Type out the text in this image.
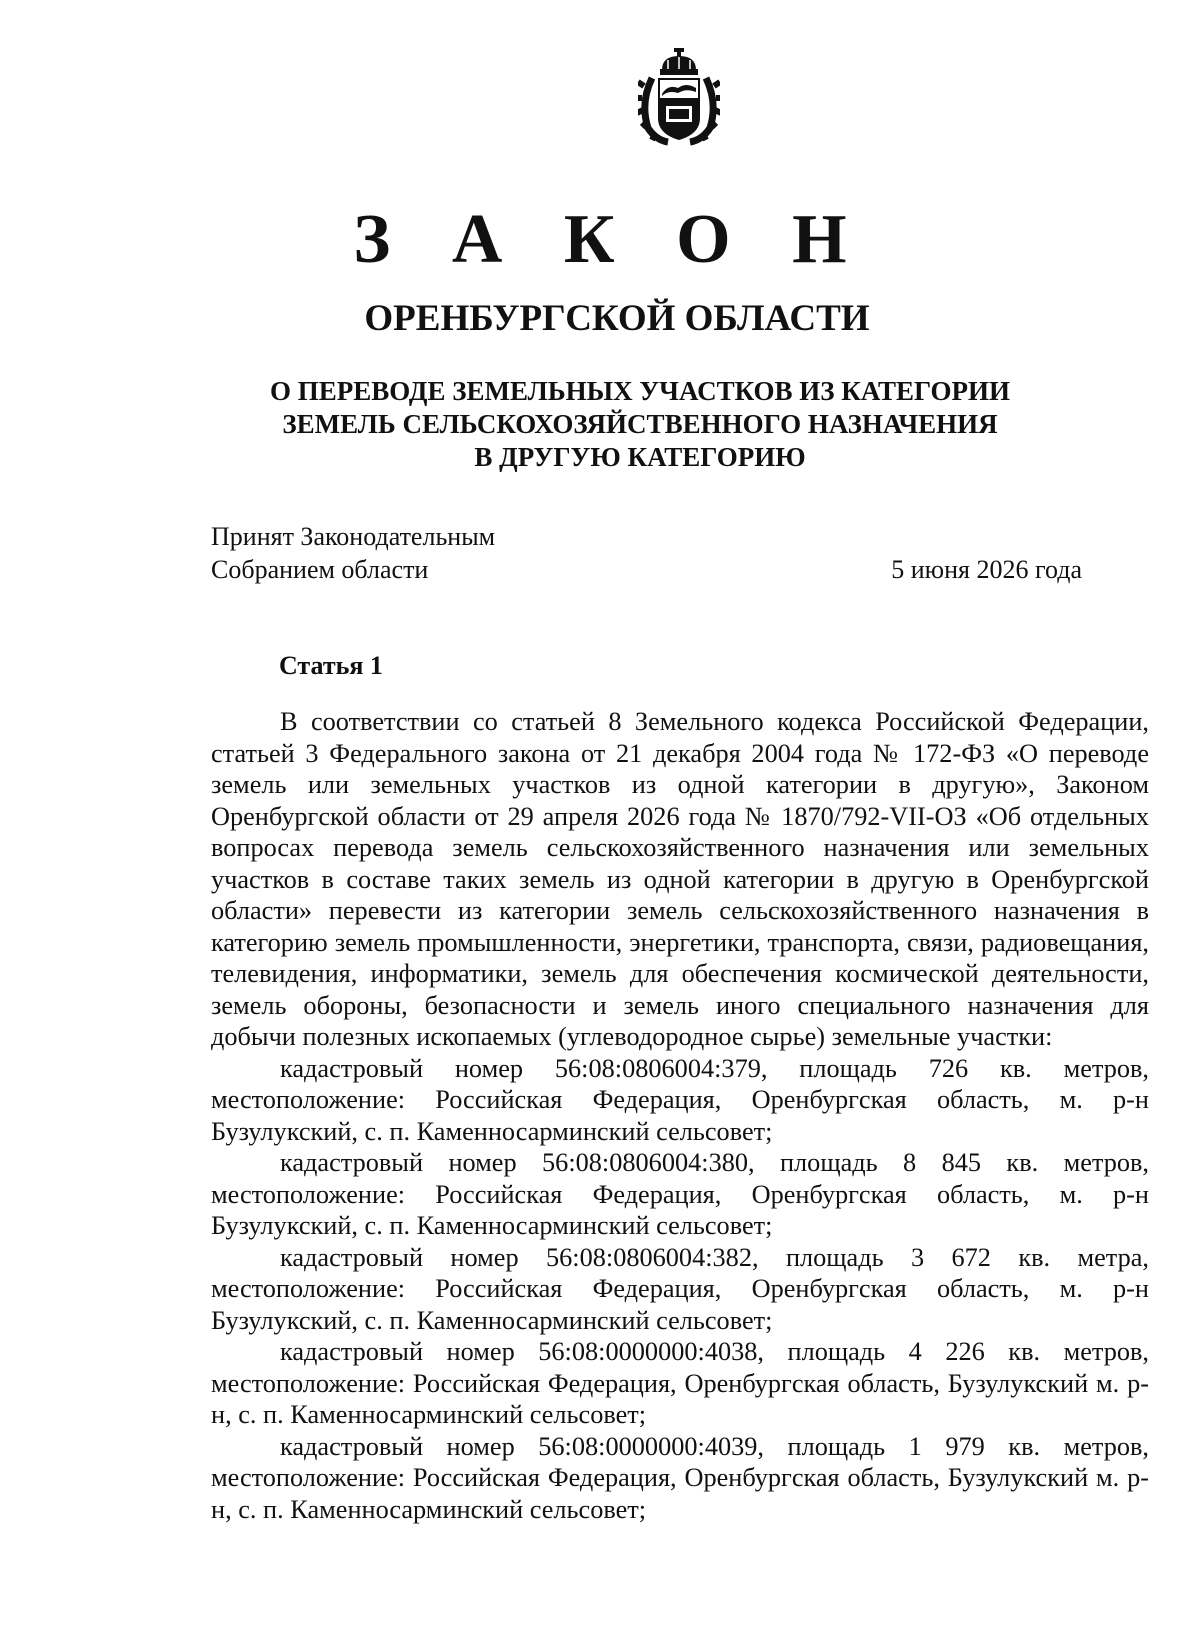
З А К О Н
ОРЕНБУРГСКОЙ ОБЛАСТИ
О ПЕРЕВОДЕ ЗЕМЕЛЬНЫХ УЧАСТКОВ ИЗ КАТЕГОРИИ
ЗЕМЕЛЬ СЕЛЬСКОХОЗЯЙСТВЕННОГО НАЗНАЧЕНИЯ
В ДРУГУЮ КАТЕГОРИЮ
Принят Законодательным
Собранием области	5 июня 2026 года
Статья 1

В соответствии со статьей 8 Земельного кодекса Российской Федерации, статьей 3 Федерального закона от 21 декабря 2004 года № 172-ФЗ «О переводе земель или земельных участков из одной категории в другую», Законом Оренбургской области от 29 апреля 2026 года № 1870/792-VII-ОЗ «Об отдельных вопросах перевода земель сельскохозяйственного назначения или земельных участков в составе таких земель из одной категории в другую в Оренбургской области» перевести из категории земель сельскохозяйственного назначения в категорию земель промышленности, энергетики, транспорта, связи, радиовещания, телевидения, информатики, земель для обеспечения космической деятельности, земель обороны, безопасности и земель иного специального назначения для добычи полезных ископаемых (углеводородное сырье) земельные участки:

кадастровый номер 56:08:0806004:379, площадь 726 кв. метров, местоположение: Российская Федерация, Оренбургская область, м. р-н Бузулукский, с. п. Каменносарминский сельсовет;

кадастровый номер 56:08:0806004:380, площадь 8 845 кв. метров, местоположение: Российская Федерация, Оренбургская область, м. р-н Бузулукский, с. п. Каменносарминский сельсовет;

кадастровый номер 56:08:0806004:382, площадь 3 672 кв. метра, местоположение: Российская Федерация, Оренбургская область, м. р-н Бузулукский, с. п. Каменносарминский сельсовет;

кадастровый номер 56:08:0000000:4038, площадь 4 226 кв. метров, местоположение: Российская Федерация, Оренбургская область, Бузулукский м. р-н, с. п. Каменносарминский сельсовет;

кадастровый номер 56:08:0000000:4039, площадь 1 979 кв. метров, местоположение: Российская Федерация, Оренбургская область, Бузулукский м. р-н, с. п. Каменносарминский сельсовет;
